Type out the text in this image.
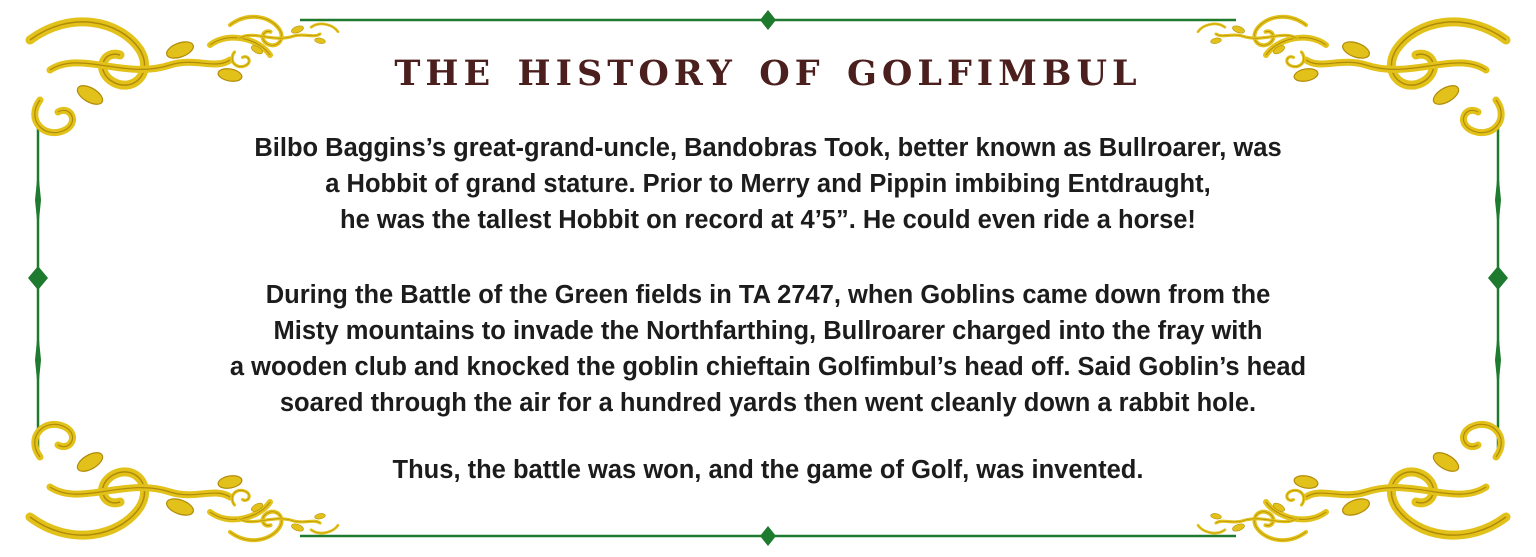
the history of golfimbul
Bilbo Baggins’s great-grand-uncle, Bandobras Took, better known as Bullroarer, was
a Hobbit of grand stature. Prior to Merry and Pippin imbibing Entdraught,
he was the tallest Hobbit on record at 4’5”. He could even ride a horse!
During the Battle of the Green fields in TA 2747, when Goblins came down from the
Misty mountains to invade the Northfarthing, Bullroarer charged into the fray with
a wooden club and knocked the goblin chieftain Golfimbul’s head off. Said Goblin’s head
soared through the air for a hundred yards then went cleanly down a rabbit hole.
Thus, the battle was won, and the game of Golf, was invented.
